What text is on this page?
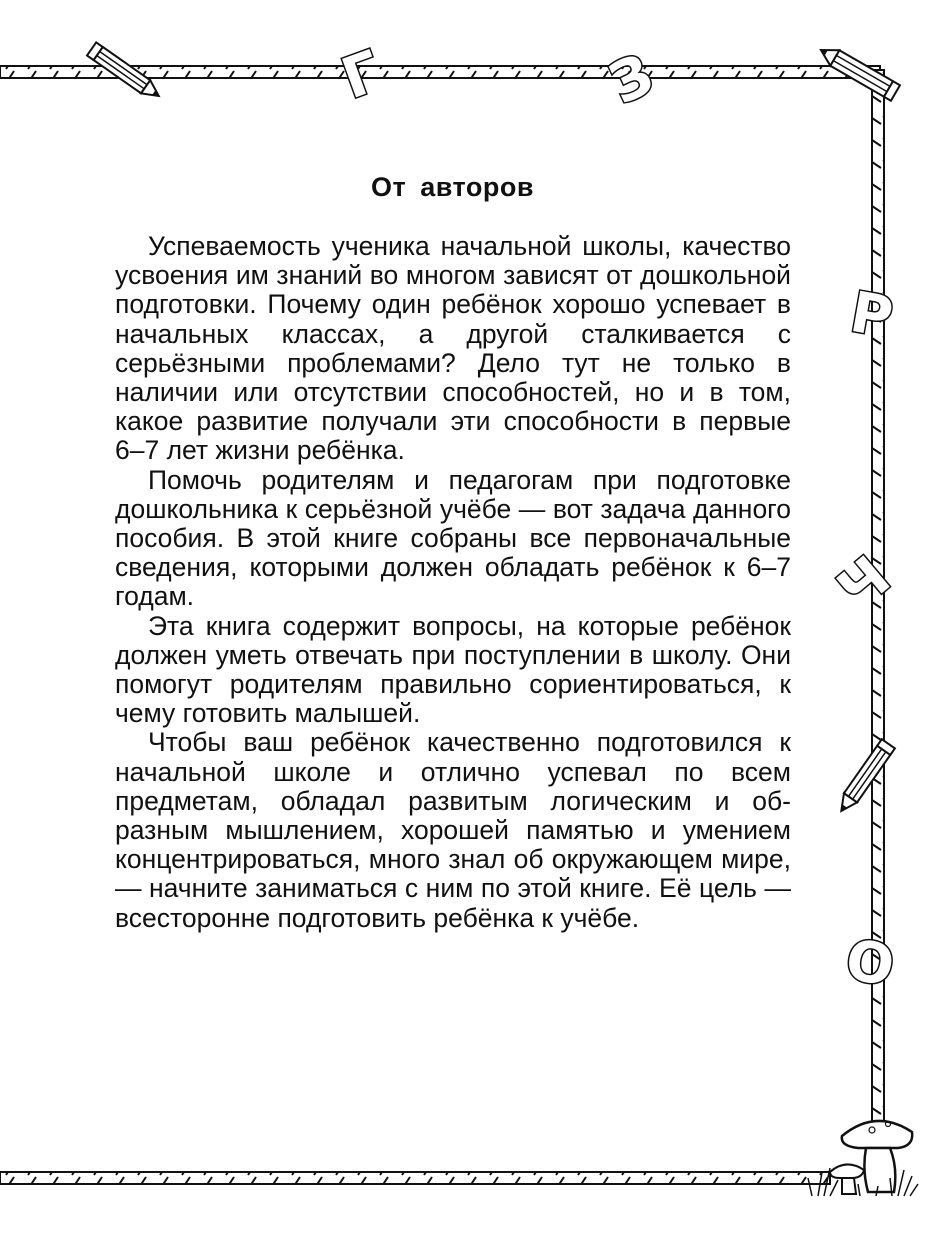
Г	З
Р
Ч
О
От авторов

Успеваемость ученика начальной школы, качество усвоения им знаний во многом зависят от дошкольной подготовки. Почему один ребёнок хорошо успевает в начальных классах, а другой сталкивается с серьёзными проблемами? Дело тут не только в наличии или отсутствии способностей, но и в том, какое развитие получали эти способности в первые 6–7 лет жизни ребёнка.

Помочь родителям и педагогам при подготовке дошкольника к серьёзной учёбе — вот задача данного пособия. В этой книге собраны все первоначальные сведения, которыми должен обладать ребёнок к 6–7 годам.

Эта книга содержит вопросы, на которые ребёнок должен уметь отвечать при поступлении в школу. Они помогут родителям правильно сориентироваться, к чему готовить малышей.

Чтобы ваш ребёнок качественно подготовился к начальной школе и отлично успевал по всем предметам, обладал развитым логическим и образным мышлением, хорошей памятью и умением концентрироваться, много знал об окружающем мире, — начните заниматься с ним по этой книге. Её цель — всесторонне подготовить ребёнка к учёбе.
